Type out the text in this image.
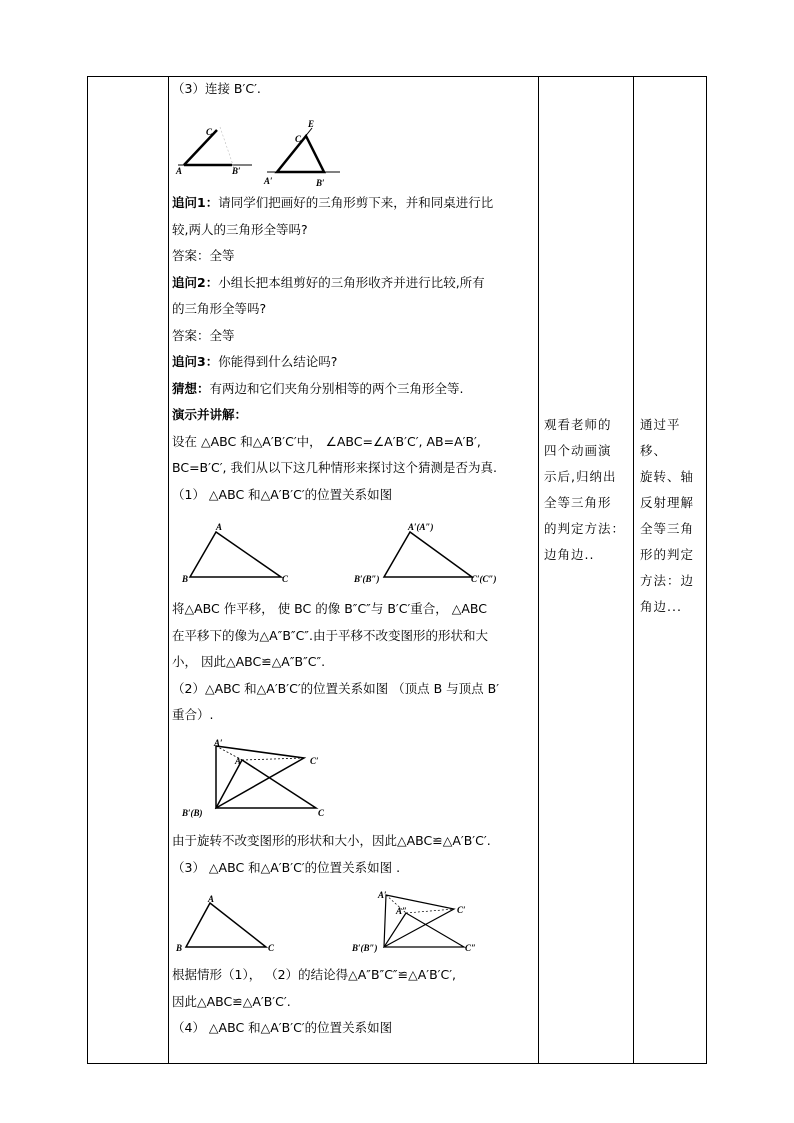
（3）连接 B′C′.
追问1：请同学们把画好的三角形剪下来，并和同桌进行比
较,两人的三角形全等吗?
答案：全等
追问2：小组长把本组剪好的三角形收齐并进行比较,所有
的三角形全等吗?
答案：全等
追问3：你能得到什么结论吗?
猜想：有两边和它们夹角分别相等的两个三角形全等.
演示并讲解：
设在 △ABC 和△A′B′C′中， ∠ABC=∠A′B′C′, AB=A′B′,
BC=B′C′, 我们从以下这几种情形来探讨这个猜测是否为真.
（1） △ABC 和△A′B′C′的位置关系如图
将△ABC 作平移， 使 BC 的像 B″C″与 B′C′重合， △ABC
在平移下的像为△A″B″C″.由于平移不改变图形的形状和大
小， 因此△ABC≌△A″B″C″.
（2）△ABC 和△A′B′C′的位置关系如图 （顶点 B 与顶点 B′
重合）.
由于旋转不改变图形的形状和大小，因此△ABC≌△A′B′C′.
（3） △ABC 和△A′B′C′的位置关系如图 .
根据情形（1）， （2）的结论得△A″B″C″≌△A′B′C′,
因此△ABC≌△A′B′C′.
（4） △ABC 和△A′B′C′的位置关系如图
C
A	B′
E
C
A′	B′
A
B	C
A′(A″)
B′(B″)	C′(C″)
A′
A	C′
B′(B)	C
A
B	C
A′
A″	C′
B′(B″)	C″
观看老师的
四个动画演
示后,归纳出
全等三角形
的判定方法：
边角边..
通过平移、
旋转、轴
反射理解
全等三角
形的判定
方法：边
角边...
